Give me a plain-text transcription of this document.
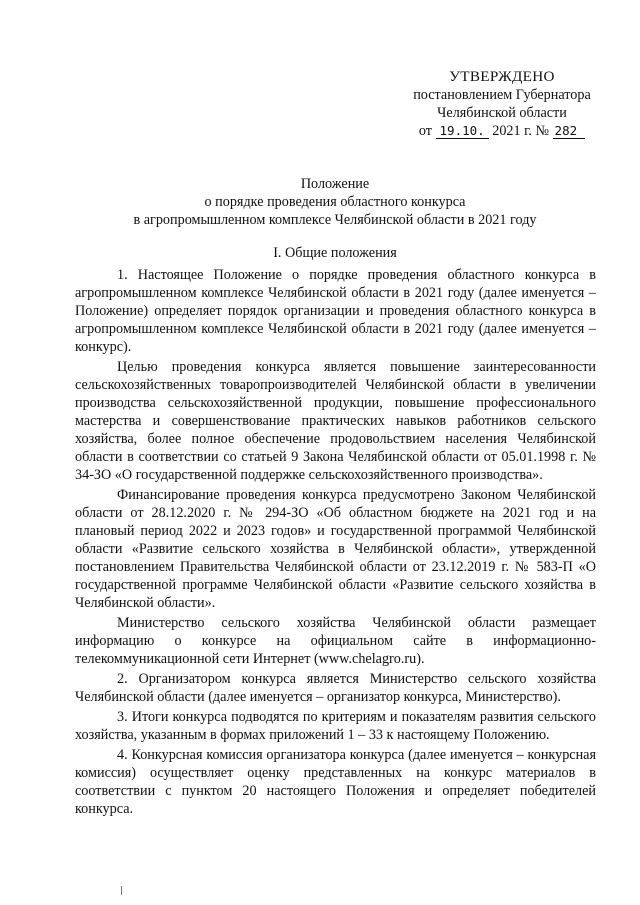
УТВЕРЖДЕНО
постановлением Губернатора
Челябинской области
от 19.10. 2021 г. № 282
Положение
о порядке проведения областного конкурса
в агропромышленном комплексе Челябинской области в 2021 году
I. Общие положения

1. Настоящее Положение о порядке проведения областного конкурса в агропромышленном комплексе Челябинской области в 2021 году (далее именуется – Положение) определяет порядок организации и проведения областного конкурса в агропромышленном комплексе Челябинской области в 2021 году (далее именуется – конкурс).

Целью проведения конкурса является повышение заинтересованности сельскохозяйственных товаропроизводителей Челябинской области в увеличении производства сельскохозяйственной продукции, повышение профессионального мастерства и совершенствование практических навыков работников сельского хозяйства, более полное обеспечение продовольствием населения Челябинской области в соответствии со статьей 9 Закона Челябинской области от 05.01.1998 г. № 34-ЗО «О государственной поддержке сельскохозяйственного производства».

Финансирование проведения конкурса предусмотрено Законом Челябинской области от 28.12.2020 г. № 294-ЗО «Об областном бюджете на 2021 год и на плановый период 2022 и 2023 годов» и государственной программой Челябинской области «Развитие сельского хозяйства в Челябинской области», утвержденной постановлением Правительства Челябинской области от 23.12.2019 г. № 583-П «О государственной программе Челябинской области «Развитие сельского хозяйства в Челябинской области».

Министерство сельского хозяйства Челябинской области размещает информацию о конкурсе на официальном сайте в информационно-телекоммуникационной сети Интернет (www.chelagro.ru).

2. Организатором конкурса является Министерство сельского хозяйства Челябинской области (далее именуется – организатор конкурса, Министерство).

3. Итоги конкурса подводятся по критериям и показателям развития сельского хозяйства, указанным в формах приложений 1 – 33 к настоящему Положению.

4. Конкурсная комиссия организатора конкурса (далее именуется – конкурсная комиссия) осуществляет оценку представленных на конкурс материалов в соответствии с пунктом 20 настоящего Положения и определяет победителей конкурса.
